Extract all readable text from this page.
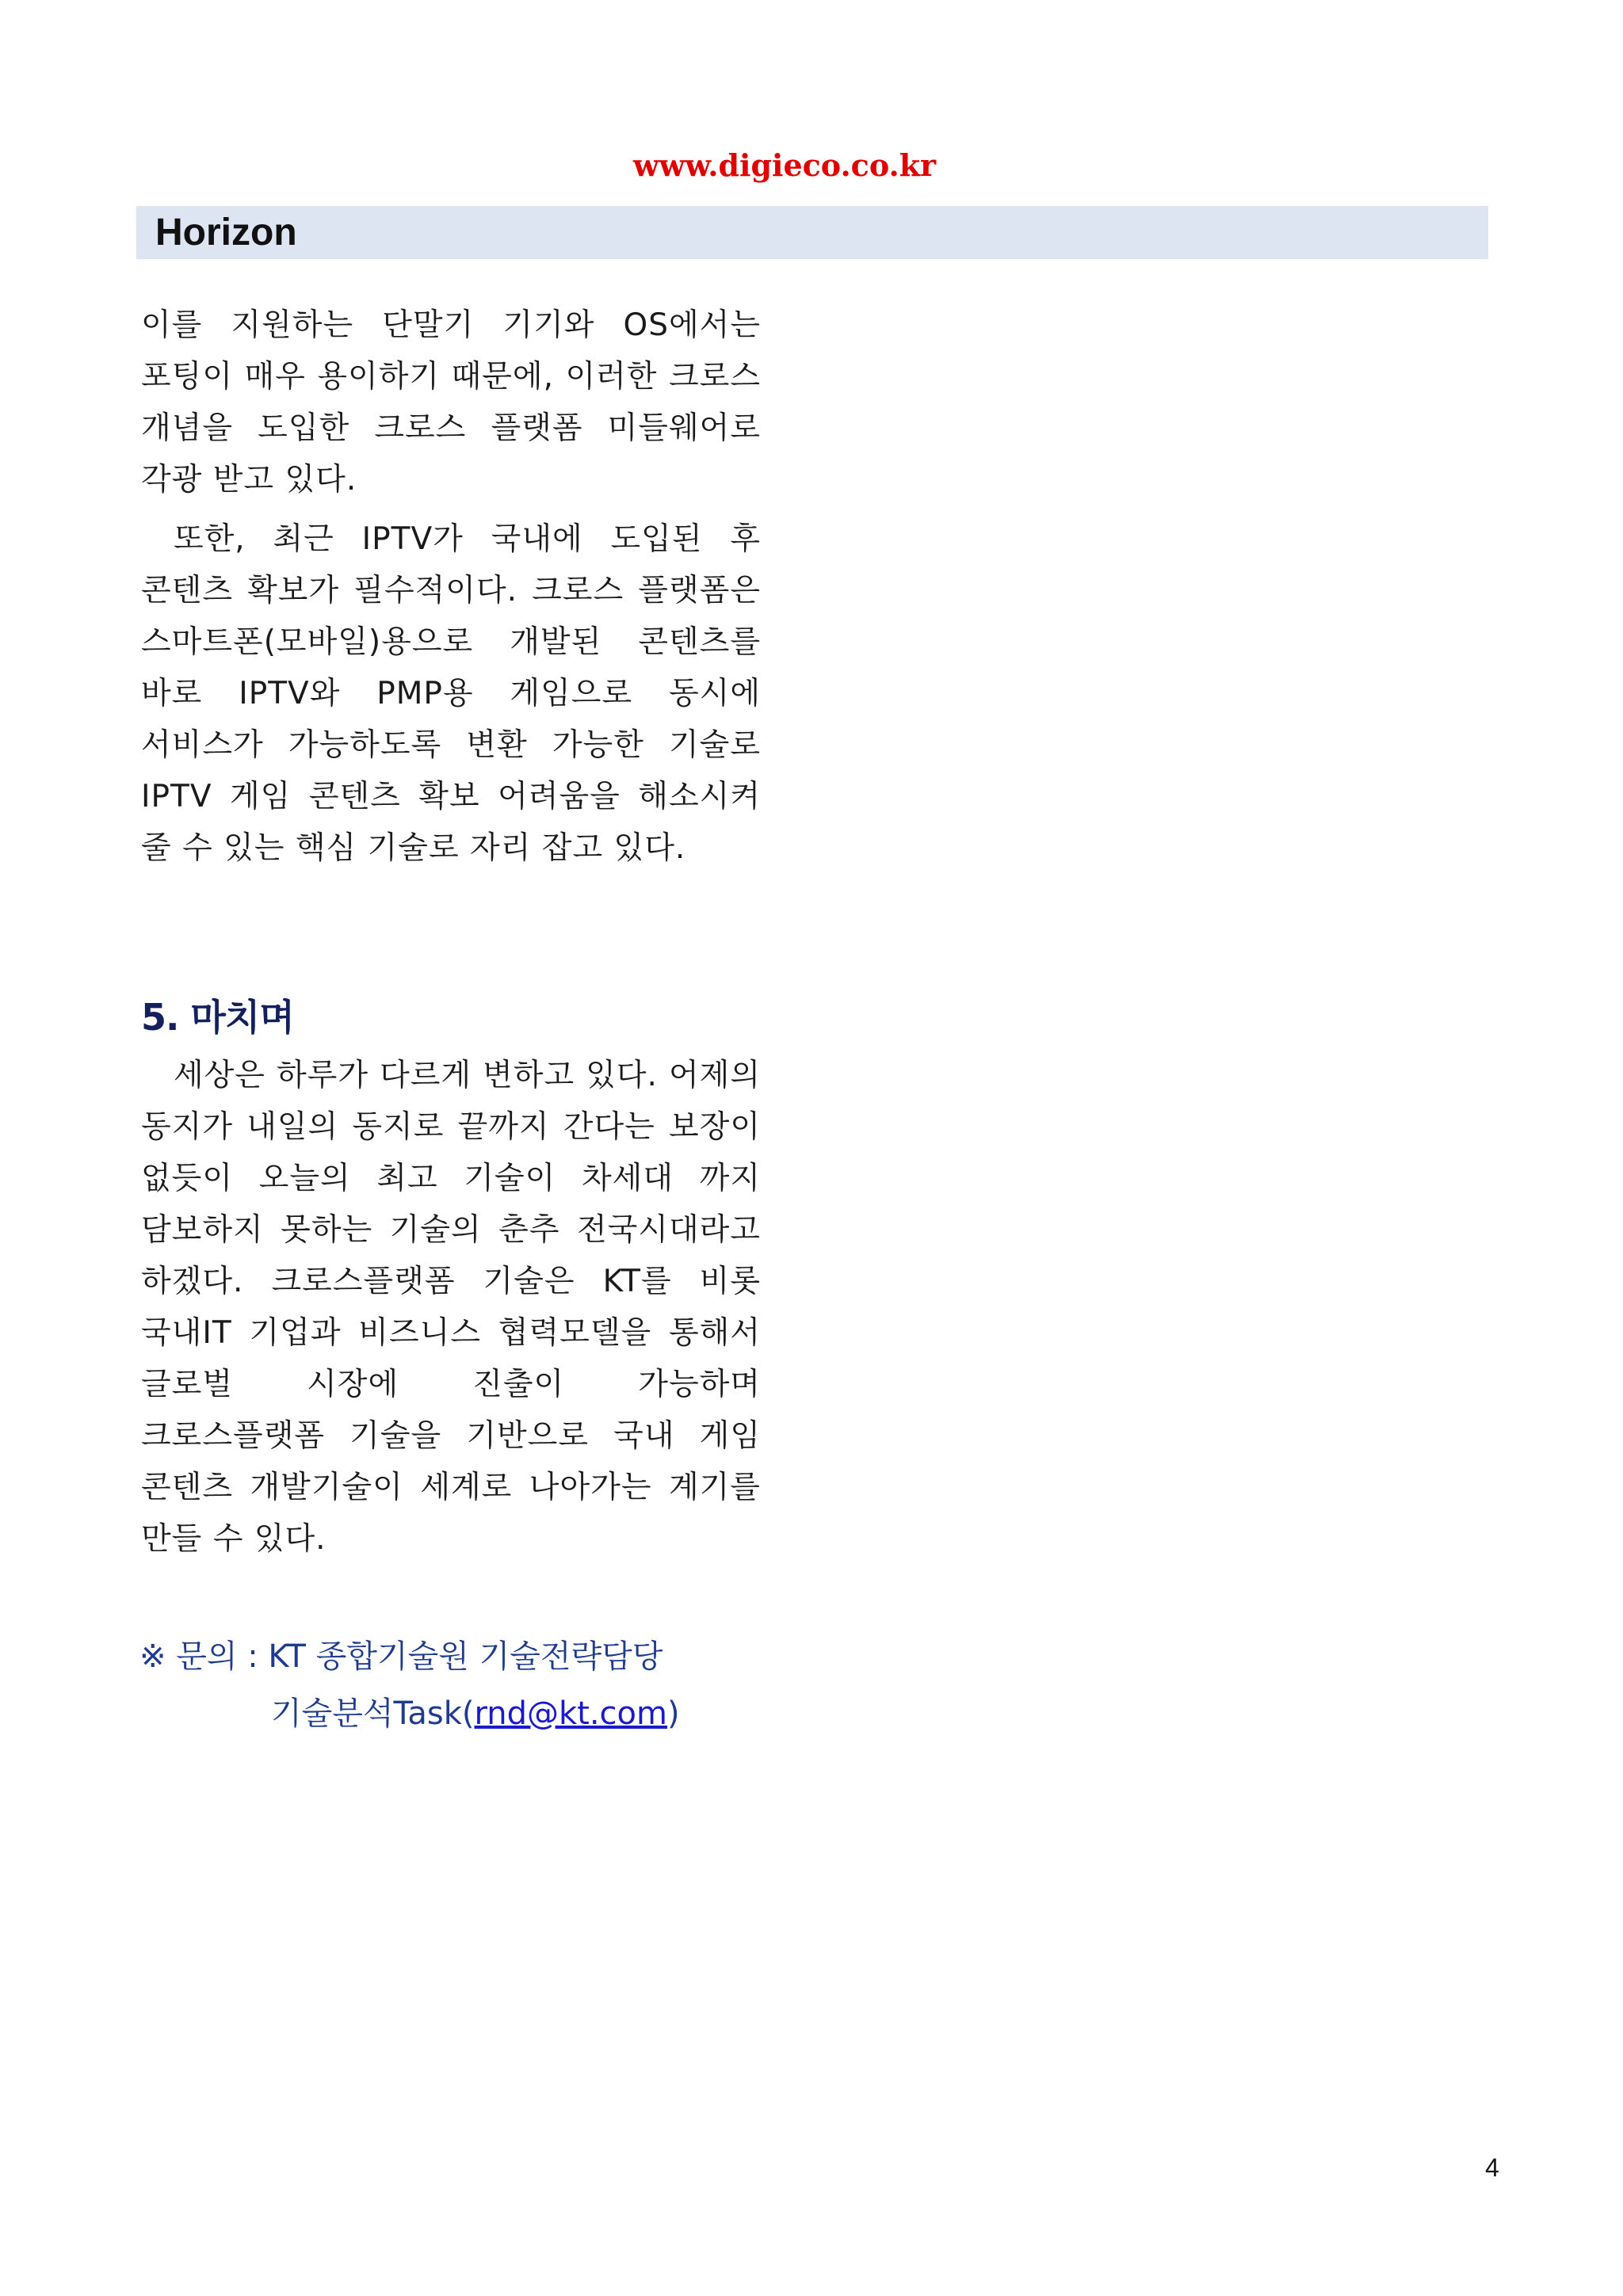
www.digieco.co.kr
Horizon

이를 지원하는 단말기 기기와 OS에서는 포팅이 매우 용이하기 때문에, 이러한 크로스 개념을 도입한 크로스 플랫폼 미들웨어로 각광 받고 있다.

또한, 최근 IPTV가 국내에 도입된 후 콘텐츠 확보가 필수적이다. 크로스 플랫폼은 스마트폰(모바일)용으로 개발된 콘텐츠를 바로 IPTV와 PMP용 게임으로 동시에 서비스가 가능하도록 변환 가능한 기술로 IPTV 게임 콘텐츠 확보 어려움을 해소시켜 줄 수 있는 핵심 기술로 자리 잡고 있다.

5. 마치며

세상은 하루가 다르게 변하고 있다. 어제의 동지가 내일의 동지로 끝까지 간다는 보장이 없듯이 오늘의 최고 기술이 차세대 까지 담보하지 못하는 기술의 춘추 전국시대라고 하겠다. 크로스플랫폼 기술은 KT를 비롯 국내IT 기업과 비즈니스 협력모델을 통해서 글로벌 시장에 진출이 가능하며 크로스플랫폼 기술을 기반으로 국내 게임 콘텐츠 개발기술이 세계로 나아가는 계기를 만들 수 있다.

※ 문의 : KT 종합기술원 기술전략담당
기술분석Task(rnd@kt.com)
4
